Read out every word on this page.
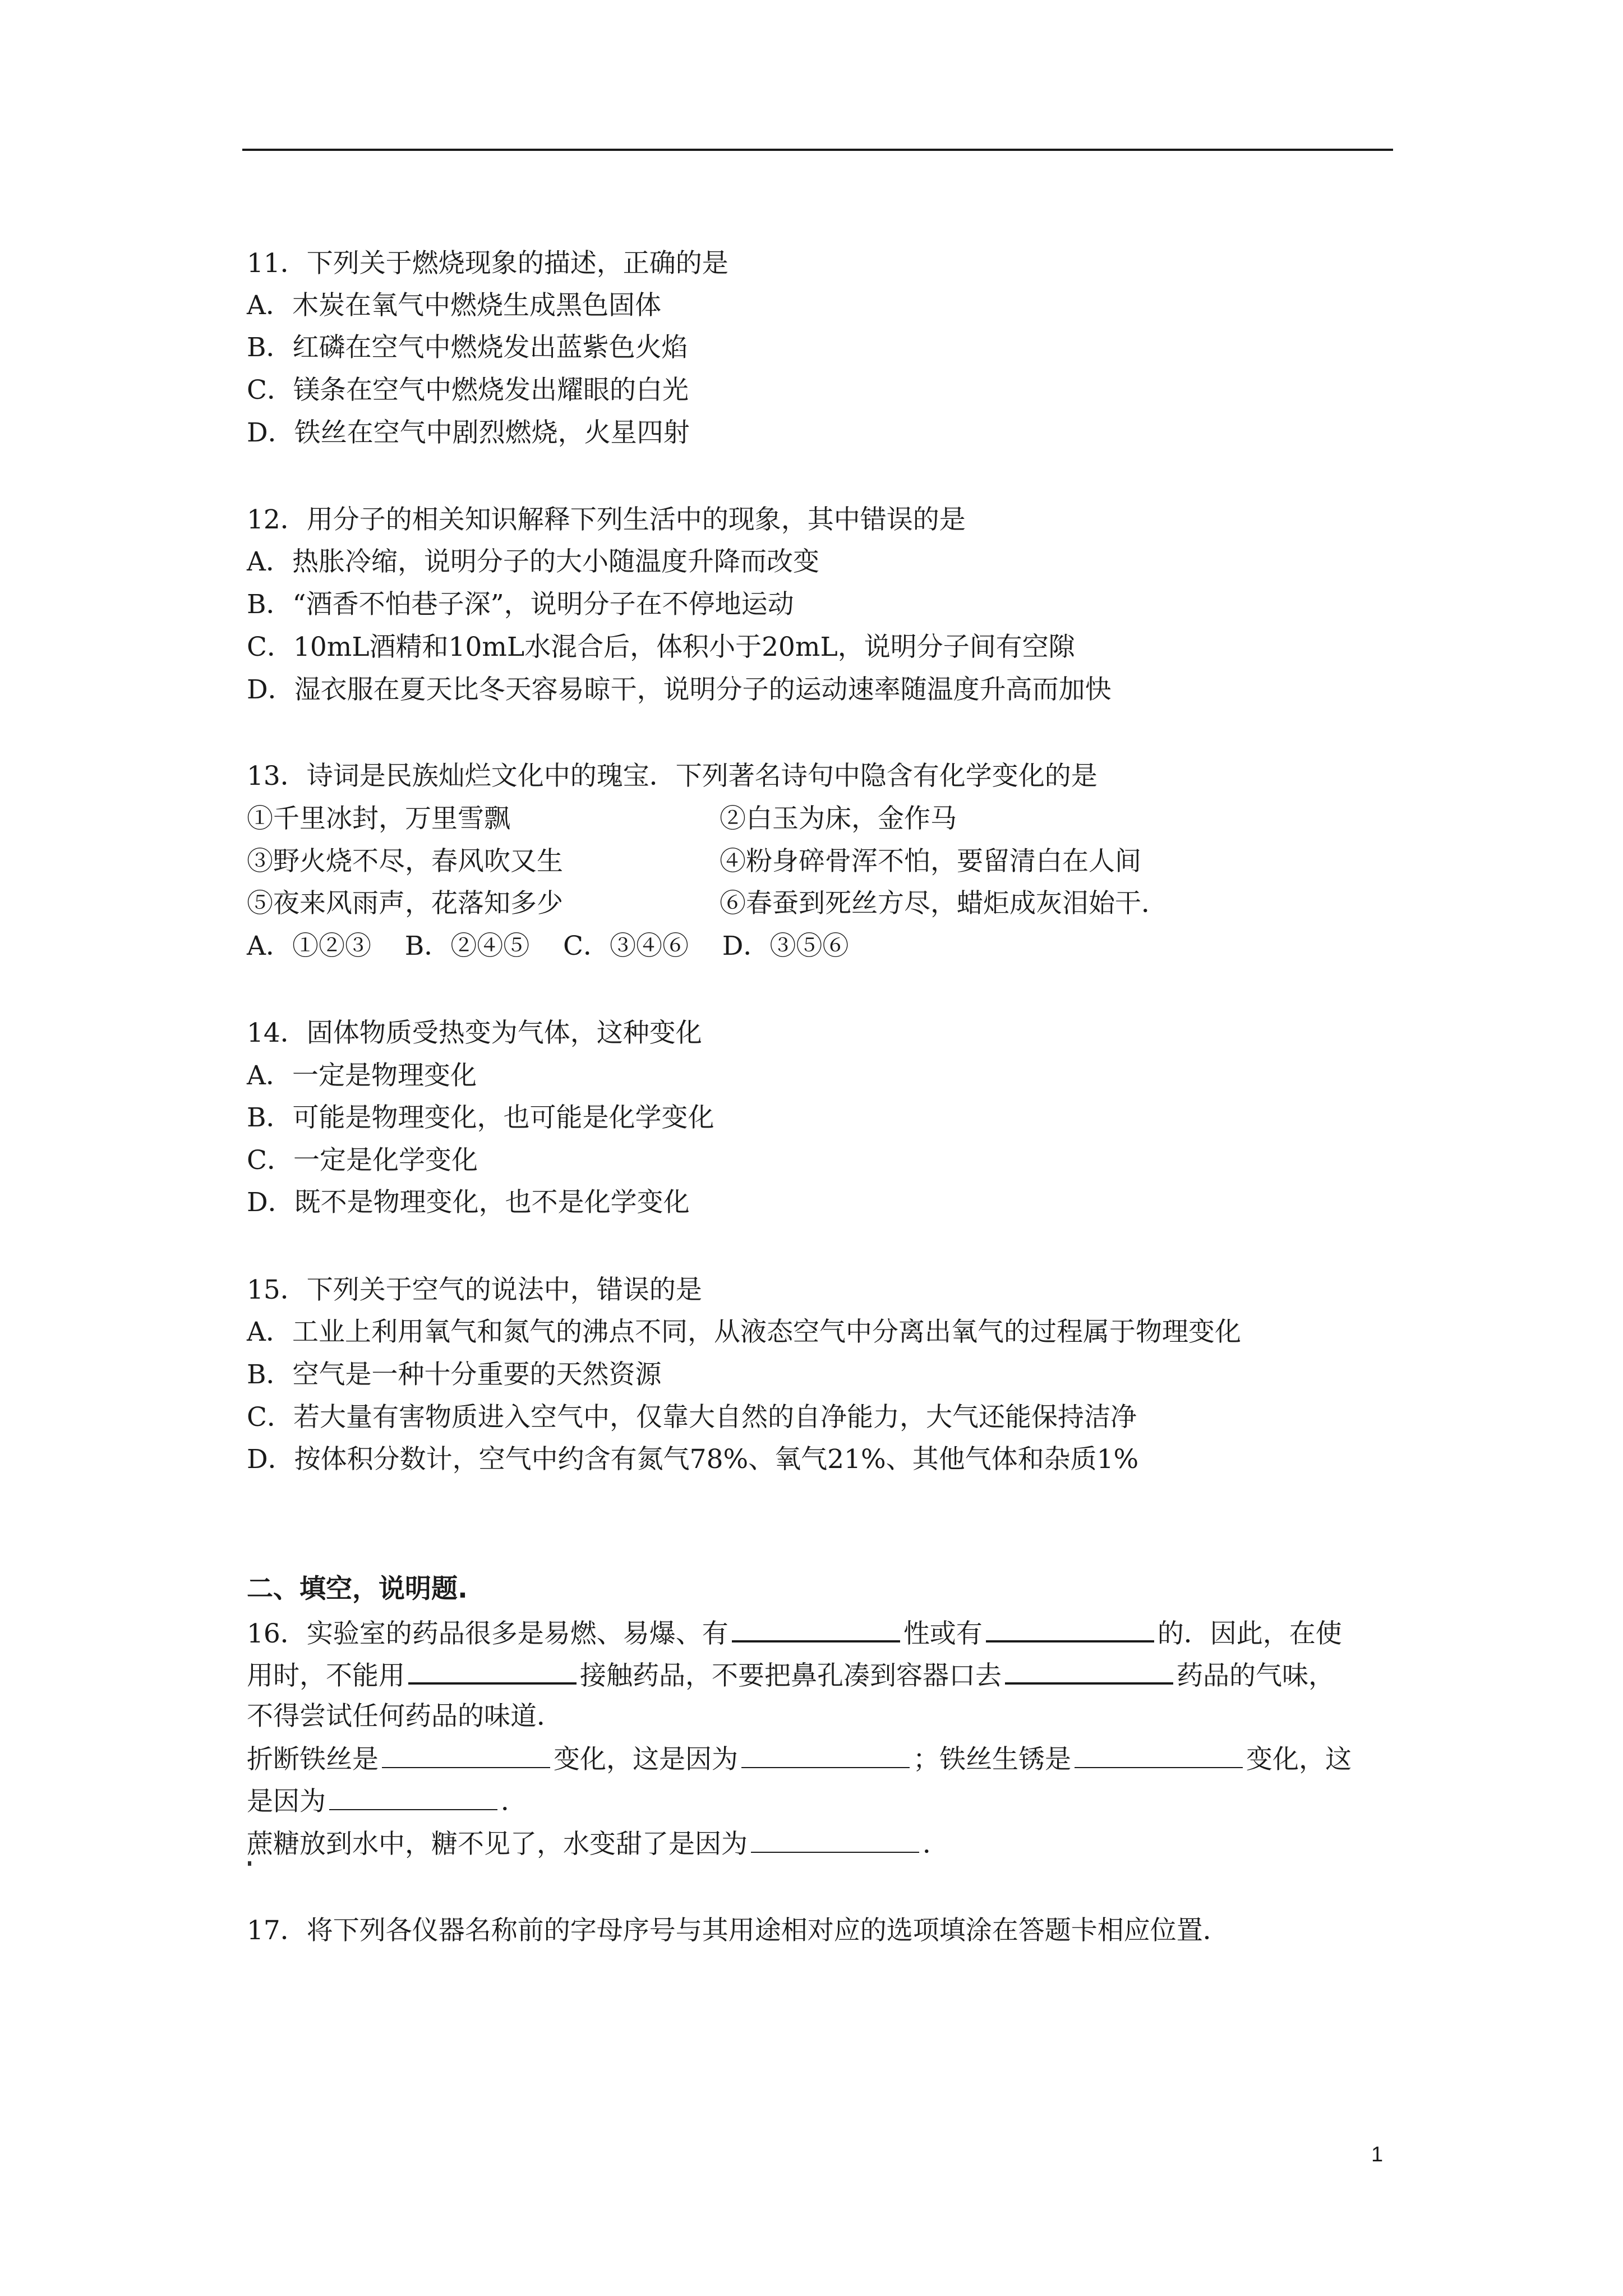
11．下列关于燃烧现象的描述，正确的是
A．木炭在氧气中燃烧生成黑色固体
B．红磷在空气中燃烧发出蓝紫色火焰
C．镁条在空气中燃烧发出耀眼的白光
D．铁丝在空气中剧烈燃烧，火星四射
12．用分子的相关知识解释下列生活中的现象，其中错误的是
A．热胀冷缩，说明分子的大小随温度升降而改变
B．“酒香不怕巷子深”，说明分子在不停地运动
C．10mL酒精和10mL水混合后，体积小于20mL，说明分子间有空隙
D．湿衣服在夏天比冬天容易晾干，说明分子的运动速率随温度升高而加快
13．诗词是民族灿烂文化中的瑰宝．下列著名诗句中隐含有化学变化的是
①千里冰封，万里雪飘	②白玉为床，金作马
③野火烧不尽，春风吹又生	④粉身碎骨浑不怕，要留清白在人间
⑤夜来风雨声，花落知多少	⑥春蚕到死丝方尽，蜡炬成灰泪始干．
A．①②③    B．②④⑤    C．③④⑥    D．③⑤⑥
14．固体物质受热变为气体，这种变化
A．一定是物理变化
B．可能是物理变化，也可能是化学变化
C．一定是化学变化
D．既不是物理变化，也不是化学变化
15．下列关于空气的说法中，错误的是
A．工业上利用氧气和氮气的沸点不同，从液态空气中分离出氧气的过程属于物理变化
B．空气是一种十分重要的天然资源
C．若大量有害物质进入空气中，仅靠大自然的自净能力，大气还能保持洁净
D．按体积分数计，空气中约含有氮气78%、氧气21%、其他气体和杂质1%
二、填空，说明题.
16．实验室的药品很多是易燃、易爆、有	性或有	的．因此，在使
用时，不能用	接触药品，不要把鼻孔凑到容器口去	药品的气味，
不得尝试任何药品的味道．
折断铁丝是	变化，这是因为	；铁丝生锈是	变化，这
是因为	．
蔗糖放到水中，糖不见了，水变甜了是因为	．
17．将下列各仪器名称前的字母序号与其用途相对应的选项填涂在答题卡相应位置．
1
